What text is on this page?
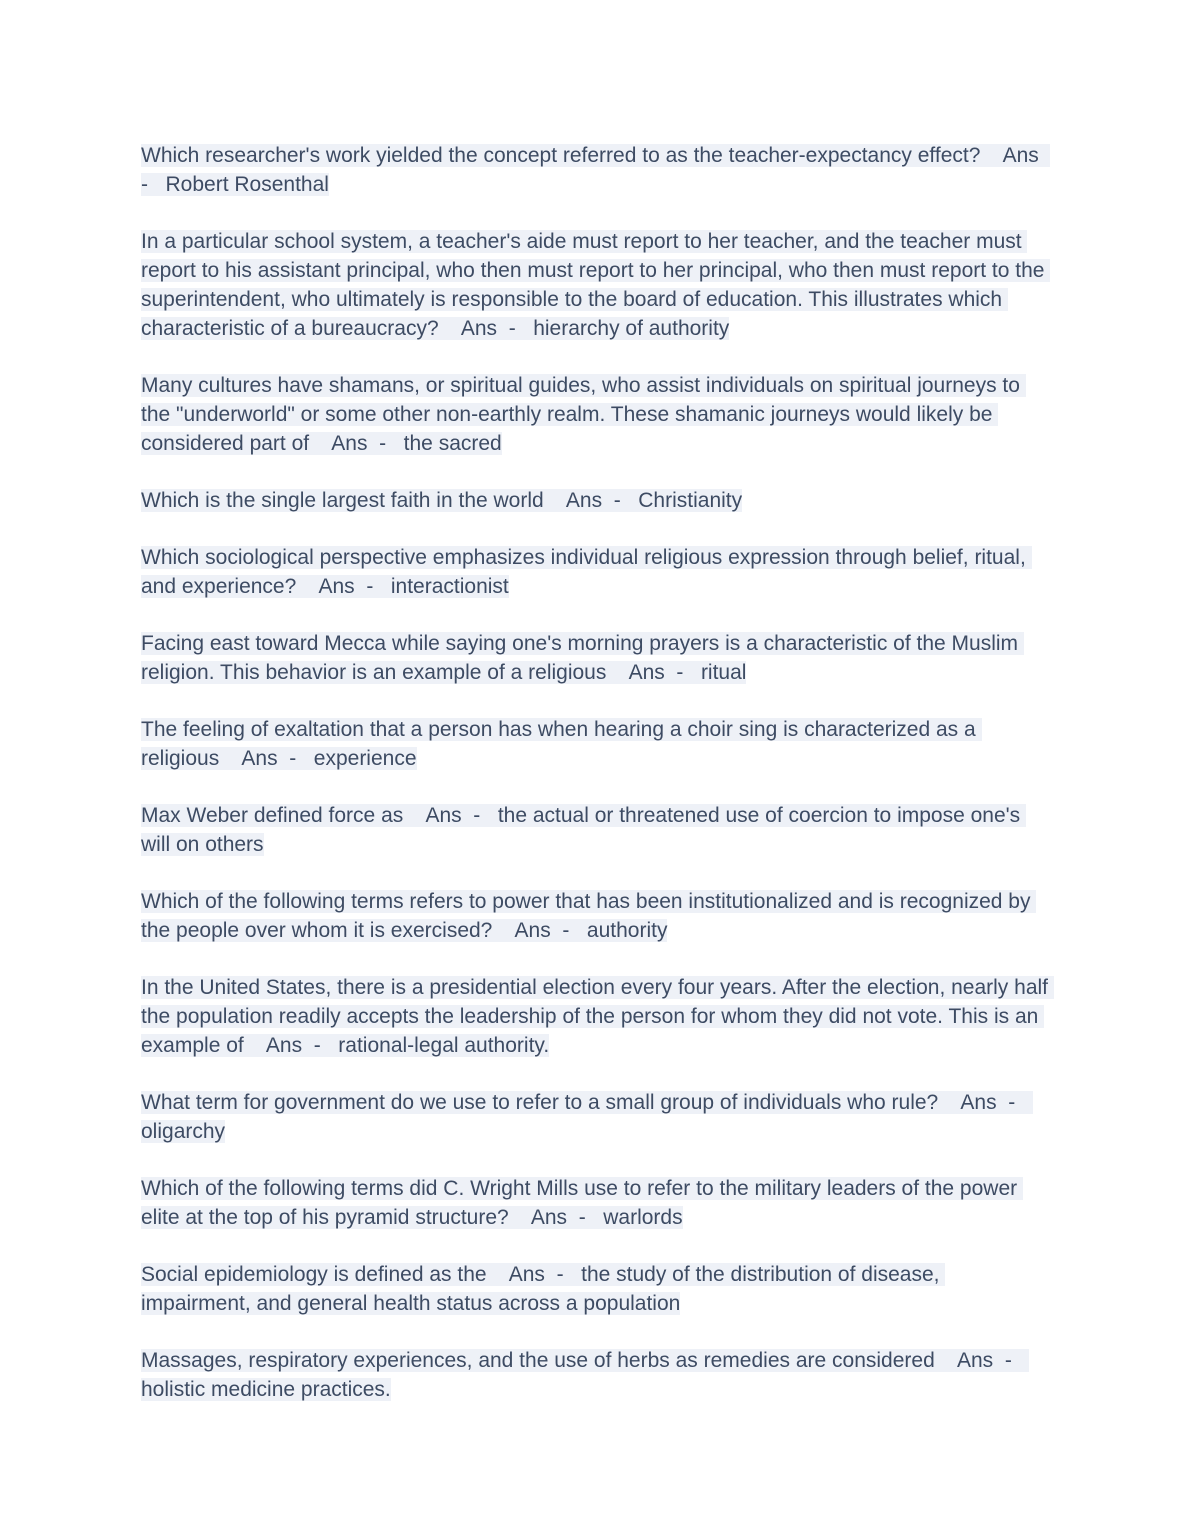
Which researcher's work yielded the concept referred to as the teacher-expectancy effect? Ans  - Robert Rosenthal

In a particular school system, a teacher's aide must report to her teacher, and the teacher must report to his assistant principal, who then must report to her principal, who then must report to the superintendent, who ultimately is responsible to the board of education. This illustrates which characteristic of a bureaucracy? Ans - hierarchy of authority

Many cultures have shamans, or spiritual guides, who assist individuals on spiritual journeys to the "underworld" or some other non-earthly realm. These shamanic journeys would likely be considered part of Ans - the sacred

Which is the single largest faith in the world Ans - Christianity

Which sociological perspective emphasizes individual religious expression through belief, ritual, and experience? Ans - interactionist

Facing east toward Mecca while saying one's morning prayers is a characteristic of the Muslim religion. This behavior is an example of a religious Ans - ritual

The feeling of exaltation that a person has when hearing a choir sing is characterized as a religious Ans - experience

Max Weber defined force as Ans - the actual or threatened use of coercion to impose one's will on others

Which of the following terms refers to power that has been institutionalized and is recognized by the people over whom it is exercised? Ans - authority

In the United States, there is a presidential election every four years. After the election, nearly half the population readily accepts the leadership of the person for whom they did not vote. This is an example of Ans - rational-legal authority.

What term for government do we use to refer to a small group of individuals who rule? Ans -   oligarchy

Which of the following terms did C. Wright Mills use to refer to the military leaders of the power elite at the top of his pyramid structure? Ans - warlords

Social epidemiology is defined as the Ans - the study of the distribution of disease, impairment, and general health status across a population

Massages, respiratory experiences, and the use of herbs as remedies are considered Ans -   holistic medicine practices.
